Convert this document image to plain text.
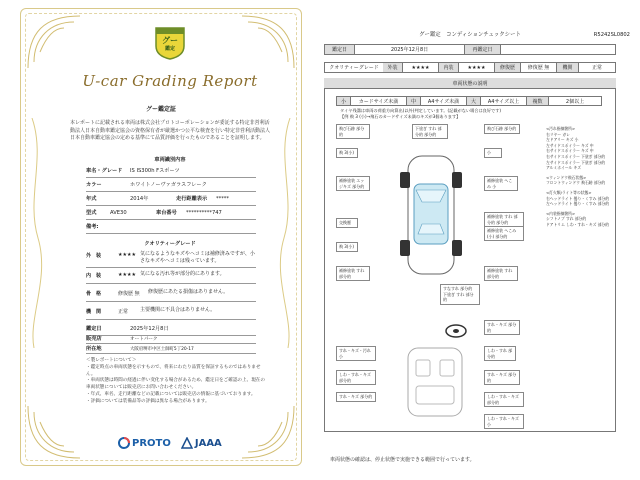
グー
鑑定
U-car Grading Report
グー鑑定証
本レポートに記載される車両は株式会社プロトコーポレーションが委託する特定非営利活動法人日本自動車鑑定協会の資格保有者が厳選かつ公平な検査を行い特定非営利活動法人日本自動車鑑定協会の定める基準にて品質評価を行ったものであることを証明します。
車両識別内容
車名・グレード	IS IS300h Fスポーツ
カラー	ホワイトノーヴァガラスフレーク
年式	2014年	走行距離表示	*****
型式	AVE30	車台番号	**********747
備考:
クオリティーグレード
外　装	★★★★ 気になるようなキズやヘコミは補修済みですが、小さなキズやヘコミは残っています。
内　装	★★★★ 気になる汚れ等が部分的にあります。
骨　格	修復歴 無	修復歴にあたる損傷はありません。
機　関	正常	主要機関に不具合はありません。
鑑定日	2025年12月8日
販売店	オートパーク
所在地	大阪府堺市中区土師町5丁20-17
＜製レポートについて＞
・鑑定時点の車両状態を示すもので、将来にわたり品質を保証するものではありません。
・車両状態は時間の経過に伴い変化する場合があるため、鑑定日をご確認の上、現在の車両状態については販売店にお問い合わせください。
・年式、車名、走行距離などの記載については販売店の情報に基づいております。
・評価については装備品等の評価は異なる場合があります。
PROTO JAAA
グー鑑定　コンディションチェックシート	R5242SL0802
鑑定日	2025年12月8日	再鑑定日
クオリティーグレード	外装	★★★★	内装	★★★★	修復歴	修復歴 無	機関	正常
車両状態の説明
小	カードサイズ未満	中	A4サイズ未満	大	A4サイズ以上	複数	2個以上
タイヤ残溝は車両の荷重方向算出(以外)判定しています。(記載がない場合は良好です)
【例 飛 3 (小)→飛石のカードサイズ未満のキズが3個あります】
飛び石跡 部分的
下塗ぎ すれ 部分的 部分的
飛び石跡 部分的
飛 3(小)	小
補修塗装 エッジキズ 部分的
補修塗装 へこみ 小
交換歴
補修塗装 すれ 部分的 部分的
補修塗装 へこみ(小) 部分的
飛 3(小)
補修塗装 すれ 部分的
補修塗装 すれ 部分的
すなすれ 部分的 下塗ぎ すれ 部分的
すれ・キズ 部分的
すれ・キズ・汚れ 小
しわ・すれ 部分的
しわ・すれ・キズ 部分的
すれ・キズ 部分的
すれ・キズ 部分的	しわ・すれ・キズ 部分的
しわ・すれ・キズ 小
<汚れ指摘箇所>
右リヤー ガレ
左ドアリー キズ 小
左サイドスポイラー キズ 中
右サイドスポイラー キズ 中
右サイドスポイラー 下塗ぎ 部分的
左サイドスポイラー 下塗ぎ 部分的
アルミホイール キズ
<ウィンドウ飛石状態>
フロントウィンドウ 飛石跡 部分的
<灯火類/ライト等の状態>
右ヘッドライト 曇り・くすみ 部分的
左ヘッドライト 曇り・くすみ 部分的
<内装指摘箇所>
シフトノブ すれ 部分的
ドアトリム しわ・すれ・キズ 部分的
車両状態の確認は、停止状態で実施できる範囲で行っています。
